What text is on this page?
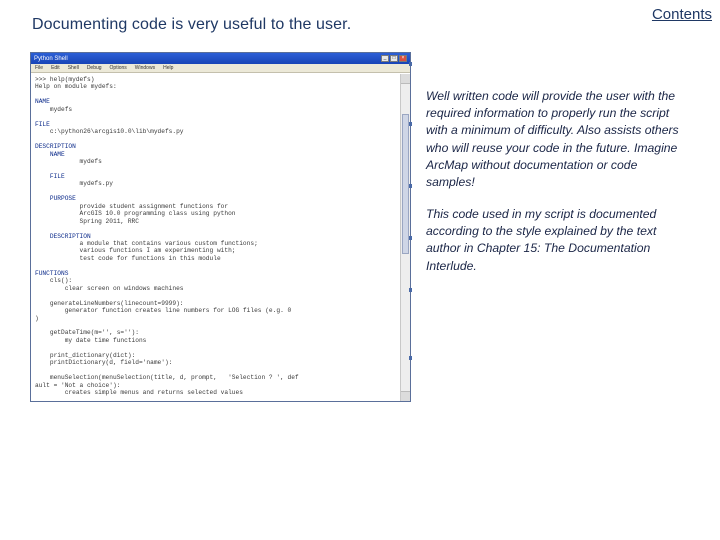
Documenting code is very useful to the user.
Contents
Python Shell	_	□	×
File Edit Shell Debug Options Windows Help
>>> help(mydefs)
Help on module mydefs:

NAME
mydefs

FILE
c:\python26\arcgis10.0\lib\mydefs.py

DESCRIPTION
NAME
mydefs

FILE
mydefs.py

PURPOSE
provide student assignment functions for
ArcGIS 10.0 programming class using python
Spring 2011, RRC

DESCRIPTION
a module that contains various custom functions;
various functions I am experimenting with;
test code for functions in this module

FUNCTIONS
cls():
clear screen on windows machines

generateLineNumbers(linecount=9999):
generator function creates line numbers for LOG files (e.g. 0
)

getDateTime(m='', s=''):
my date time functions

print_dictionary(dict):
printDictionary(d, field='name'):

menuSelection(menuSelection(title, d, prompt,   'Selection ? ', def
ault = 'Not a choice'):
creates simple menus and returns selected values
Well written code will provide the user with the required information to properly run the script with a minimum of difficulty. Also assists others who will reuse your code in the future. Imagine ArcMap without documentation or code samples!
This code used in my script is documented according to the style explained by the text author in Chapter 15: The Documentation Interlude.
